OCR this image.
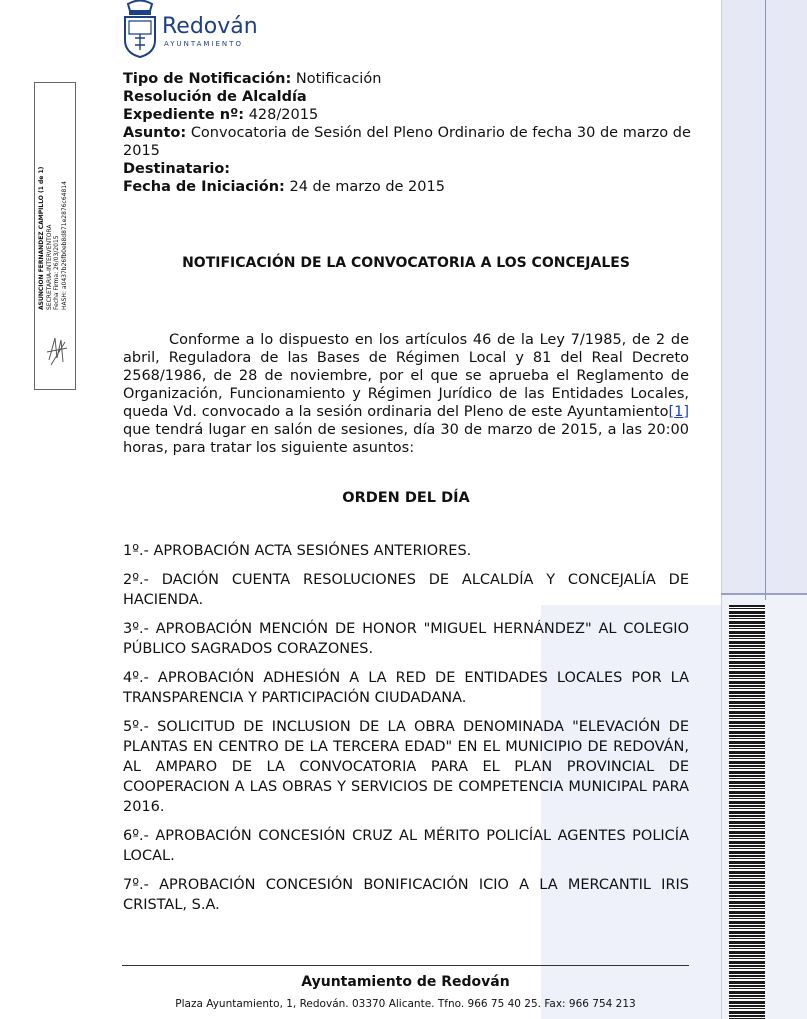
Redován
AYUNTAMIENTO
ASUNCION FERNANDEZ CAMPILLO (1 de 1) SECRETARIA-INTERVENTORA Fecha Firma: 26/03/2015 HASH: a0437b26fb0eb8d871e2876c64814
Tipo de Notificación: Notificación
Resolución de Alcaldía
Expediente nº: 428/2015
Asunto: Convocatoria de Sesión del Pleno Ordinario de fecha 30 de marzo de 2015
Destinatario:
Fecha de Iniciación: 24 de marzo de 2015
NOTIFICACIÓN DE LA CONVOCATORIA A LOS CONCEJALES
Conforme a lo dispuesto en los artículos 46 de la Ley 7/1985, de 2 de abril, Reguladora de las Bases de Régimen Local y 81 del Real Decreto 2568/1986, de 28 de noviembre, por el que se aprueba el Reglamento de Organización, Funcionamiento y Régimen Jurídico de las Entidades Locales, queda Vd. convocado a la sesión ordinaria del Pleno de este Ayuntamiento[1] que tendrá lugar en salón de sesiones, día 30 de marzo de 2015, a las 20:00 horas, para tratar los siguiente asuntos:
ORDEN DEL DÍA
1º.- APROBACIÓN ACTA SESIÓNES ANTERIORES.
2º.- DACIÓN CUENTA RESOLUCIONES DE ALCALDÍA Y CONCEJALÍA DE HACIENDA.
3º.- APROBACIÓN MENCIÓN DE HONOR "MIGUEL HERNÁNDEZ" AL COLEGIO PÚBLICO SAGRADOS CORAZONES.
4º.- APROBACIÓN ADHESIÓN A LA RED DE ENTIDADES LOCALES POR LA TRANSPARENCIA Y PARTICIPACIÓN CIUDADANA.
5º.- SOLICITUD DE INCLUSION DE LA OBRA DENOMINADA "ELEVACIÓN DE PLANTAS EN CENTRO DE LA TERCERA EDAD" EN EL MUNICIPIO DE REDOVÁN, AL AMPARO DE LA CONVOCATORIA PARA EL PLAN PROVINCIAL DE COOPERACION A LAS OBRAS Y SERVICIOS DE COMPETENCIA MUNICIPAL PARA 2016.
6º.- APROBACIÓN CONCESIÓN CRUZ AL MÉRITO POLICÍAL AGENTES POLICÍA LOCAL.
7º.- APROBACIÓN CONCESIÓN BONIFICACIÓN ICIO A LA MERCANTIL IRIS CRISTAL, S.A.
Ayuntamiento de Redován
Plaza Ayuntamiento, 1, Redován. 03370 Alicante. Tfno. 966 75 40 25. Fax: 966 754 213
